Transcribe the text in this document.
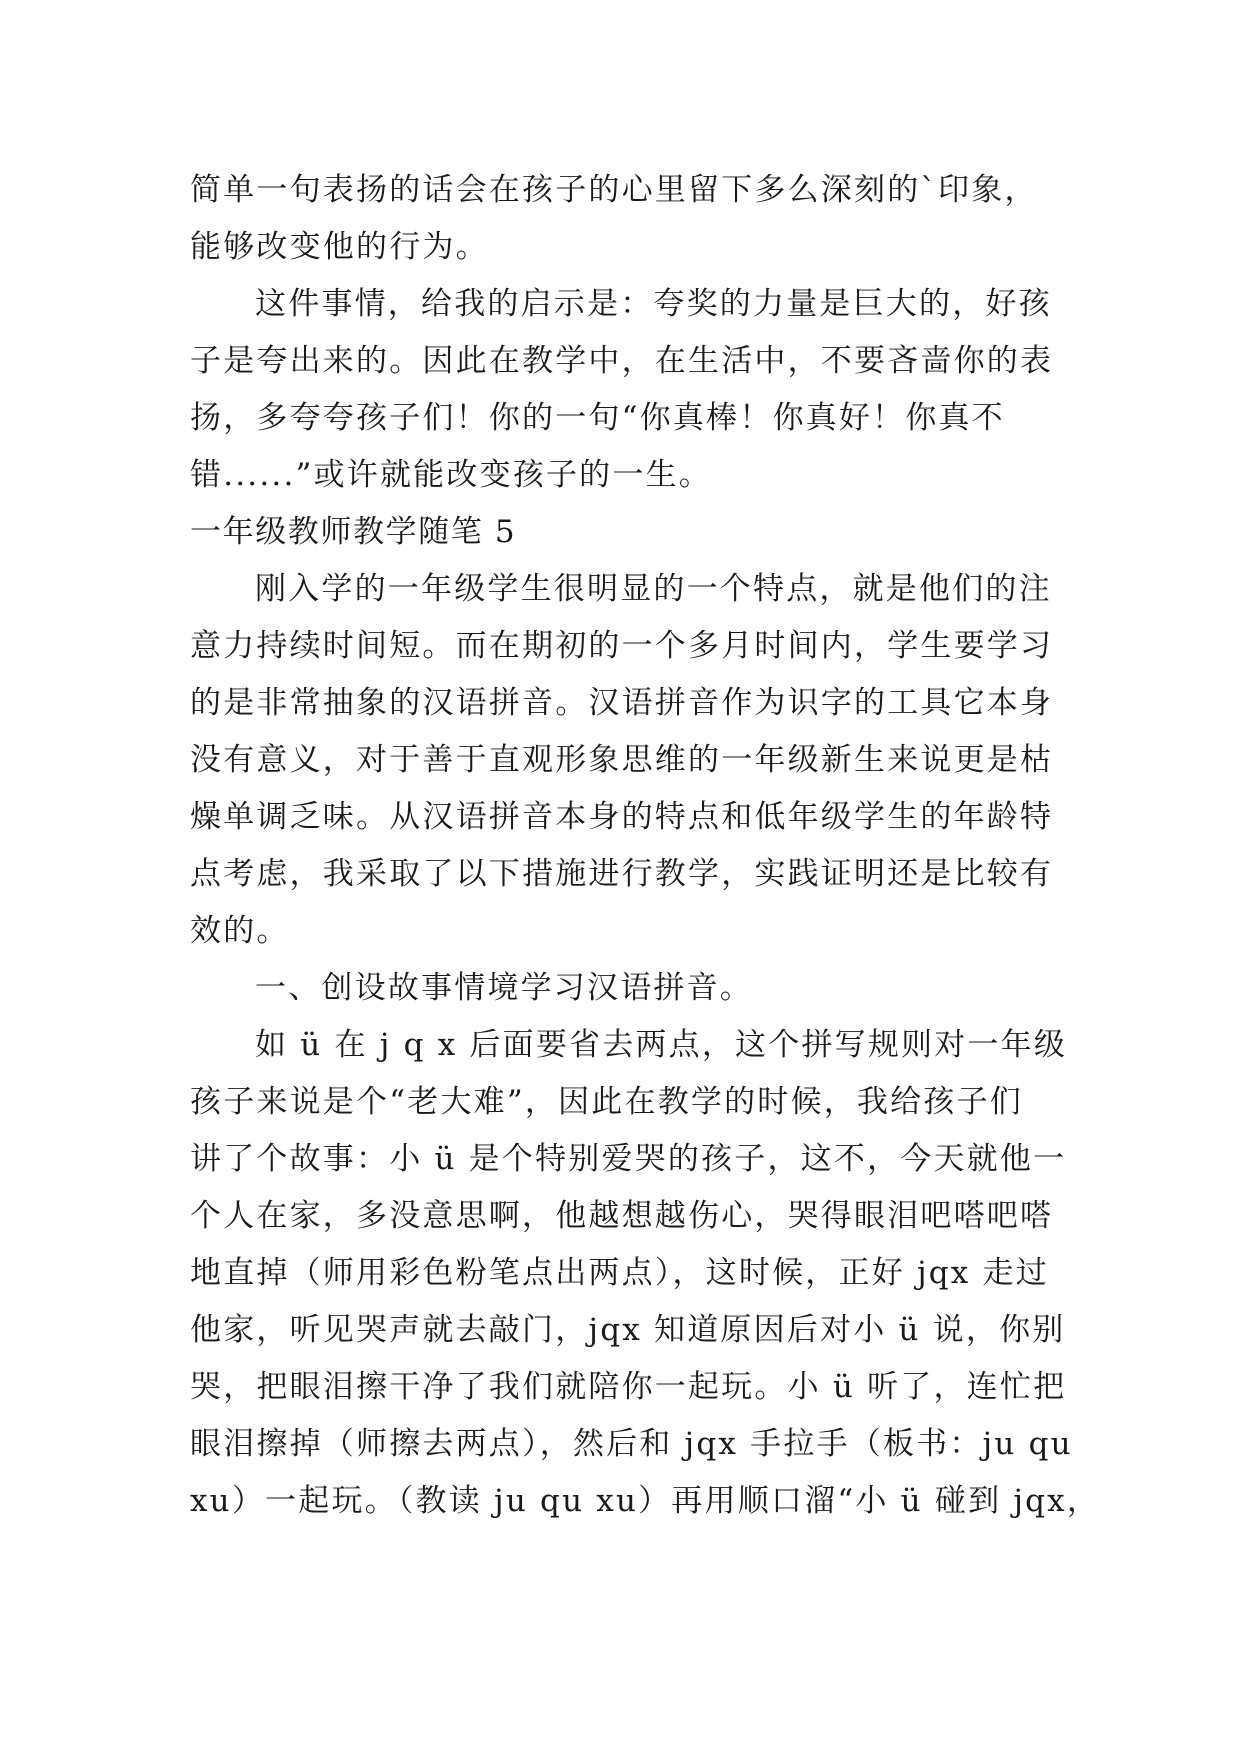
简单一句表扬的话会在孩子的心里留下多么深刻的`印象，
能够改变他的行为。
这件事情，给我的启示是：夸奖的力量是巨大的，好孩
子是夸出来的。因此在教学中，在生活中，不要吝啬你的表
扬，多夸夸孩子们！你的一句“你真棒！你真好！你真不
错......”或许就能改变孩子的一生。
一年级教师教学随笔 5
刚入学的一年级学生很明显的一个特点，就是他们的注
意力持续时间短。而在期初的一个多月时间内，学生要学习
的是非常抽象的汉语拼音。汉语拼音作为识字的工具它本身
没有意义，对于善于直观形象思维的一年级新生来说更是枯
燥单调乏味。从汉语拼音本身的特点和低年级学生的年龄特
点考虑，我采取了以下措施进行教学，实践证明还是比较有
效的。
一、创设故事情境学习汉语拼音。
如 ü 在 j q x 后面要省去两点，这个拼写规则对一年级
孩子来说是个“老大难”，因此在教学的时候，我给孩子们
讲了个故事：小 ü 是个特别爱哭的孩子，这不，今天就他一
个人在家，多没意思啊，他越想越伤心，哭得眼泪吧嗒吧嗒
地直掉（师用彩色粉笔点出两点），这时候，正好 jqx 走过
他家，听见哭声就去敲门，jqx 知道原因后对小 ü 说，你别
哭，把眼泪擦干净了我们就陪你一起玩。小 ü 听了，连忙把
眼泪擦掉（师擦去两点），然后和 jqx 手拉手（板书：ju qu
xu）一起玩。（教读 ju qu xu）再用顺口溜“小 ü 碰到 jqx，
